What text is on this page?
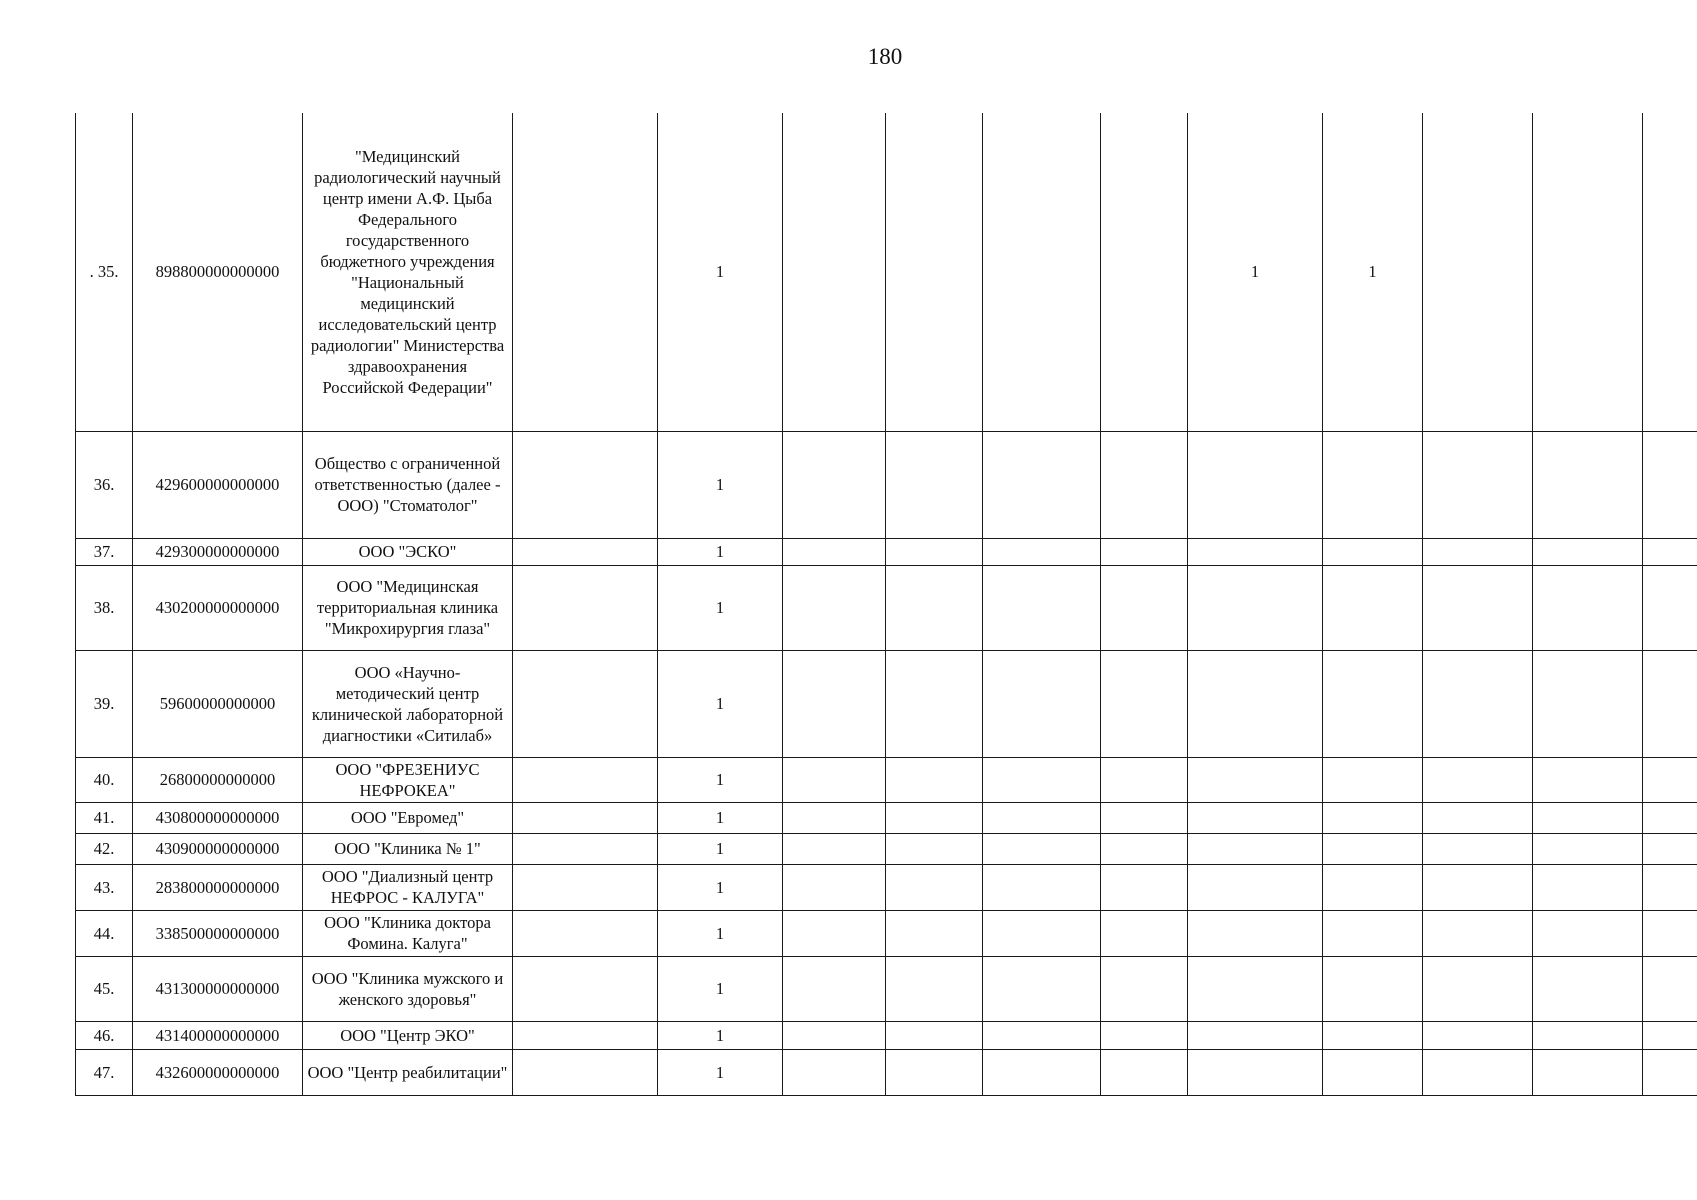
180
. 35.	898800000000000	"Медицинский радиологический научный центр имени А.Ф. Цыба Федерального государственного бюджетного учреждения "Национальный медицинский исследовательский центр радиологии" Министерства здравоохранения Российской Федерации"		1					1	1			
36.	429600000000000	Общество с ограниченной ответственностью (далее - ООО) "Стоматолог"		1									
37.	429300000000000	ООО "ЭСКО"		1									
38.	430200000000000	ООО "Медицинская территориальная клиника "Микрохирургия глаза"		1									
39.	59600000000000	ООО «Научно-методический центр клинической лабораторной диагностики «Ситилаб»		1									
40.	26800000000000	ООО "ФРЕЗЕНИУС НЕФРОКЕА"		1									
41.	430800000000000	ООО "Евромед"		1									
42.	430900000000000	ООО "Клиника № 1"		1									
43.	283800000000000	ООО "Диализный центр НЕФРОС - КАЛУГА"		1									
44.	338500000000000	ООО "Клиника доктора Фомина. Калуга"		1									
45.	431300000000000	ООО "Клиника мужского и женского здоровья"		1									
46.	431400000000000	ООО "Центр ЭКО"		1									
47.	432600000000000	ООО "Центр реабилитации"		1									
